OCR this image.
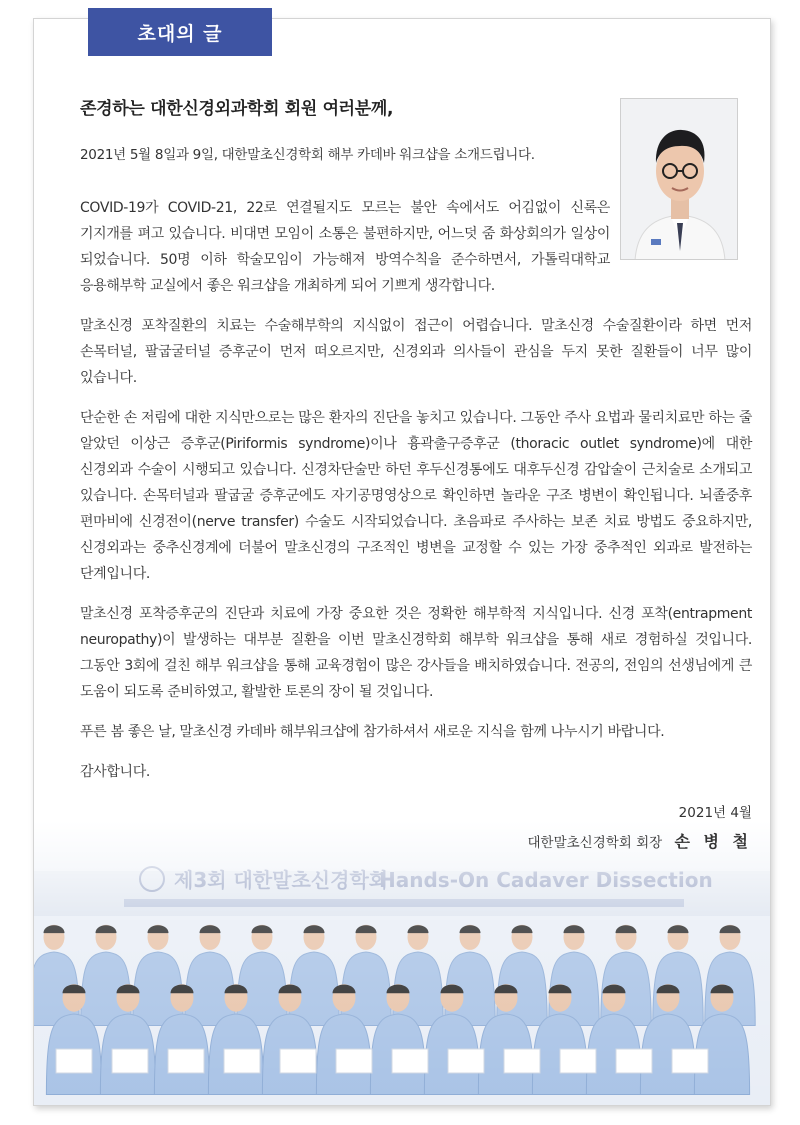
초대의 글
존경하는 대한신경외과학회 회원 여러분께,
2021년 5월 8일과 9일, 대한말초신경학회 해부 카데바 워크샵을 소개드립니다.

COVID-19가 COVID-21, 22로 연결될지도 모르는 불안 속에서도 어김없이 신록은 기지개를 펴고 있습니다. 비대면 모임이 소통은 불편하지만, 어느덧 줌 화상회의가 일상이 되었습니다. 50명 이하 학술모임이 가능해져 방역수칙을 준수하면서, 가톨릭대학교 응용해부학 교실에서 좋은 워크샵을 개최하게 되어 기쁘게 생각합니다.

말초신경 포착질환의 치료는 수술해부학의 지식없이 접근이 어렵습니다. 말초신경 수술질환이라 하면 먼저 손목터널, 팔굽굴터널 증후군이 먼저 떠오르지만, 신경외과 의사들이 관심을 두지 못한 질환들이 너무 많이 있습니다.

단순한 손 저림에 대한 지식만으로는 많은 환자의 진단을 놓치고 있습니다. 그동안 주사 요법과 물리치료만 하는 줄 알았던 이상근 증후군(Piriformis syndrome)이나 흉곽출구증후군 (thoracic outlet syndrome)에 대한 신경외과 수술이 시행되고 있습니다. 신경차단술만 하던 후두신경통에도 대후두신경 감압술이 근치술로 소개되고 있습니다. 손목터널과 팔굽굴 증후군에도 자기공명영상으로 확인하면 놀라운 구조 병변이 확인됩니다. 뇌졸중후 편마비에 신경전이(nerve transfer) 수술도 시작되었습니다. 초음파로 주사하는 보존 치료 방법도 중요하지만, 신경외과는 중추신경계에 더불어 말초신경의 구조적인 병변을 교정할 수 있는 가장 중추적인 외과로 발전하는 단계입니다.

말초신경 포착증후군의 진단과 치료에 가장 중요한 것은 정확한 해부학적 지식입니다. 신경 포착(entrapment neuropathy)이 발생하는 대부분 질환을 이번 말초신경학회 해부학 워크샵을 통해 새로 경험하실 것입니다. 그동안 3회에 걸친 해부 워크샵을 통해 교육경험이 많은 강사들을 배치하였습니다. 전공의, 전임의 선생님에게 큰 도움이 되도록 준비하였고, 활발한 토론의 장이 될 것입니다.

푸른 봄 좋은 날, 말초신경 카데바 해부워크샵에 참가하셔서 새로운 지식을 함께 나누시기 바랍니다.

감사합니다.

2021년 4월
대한말초신경학회 회장 손 병 철
